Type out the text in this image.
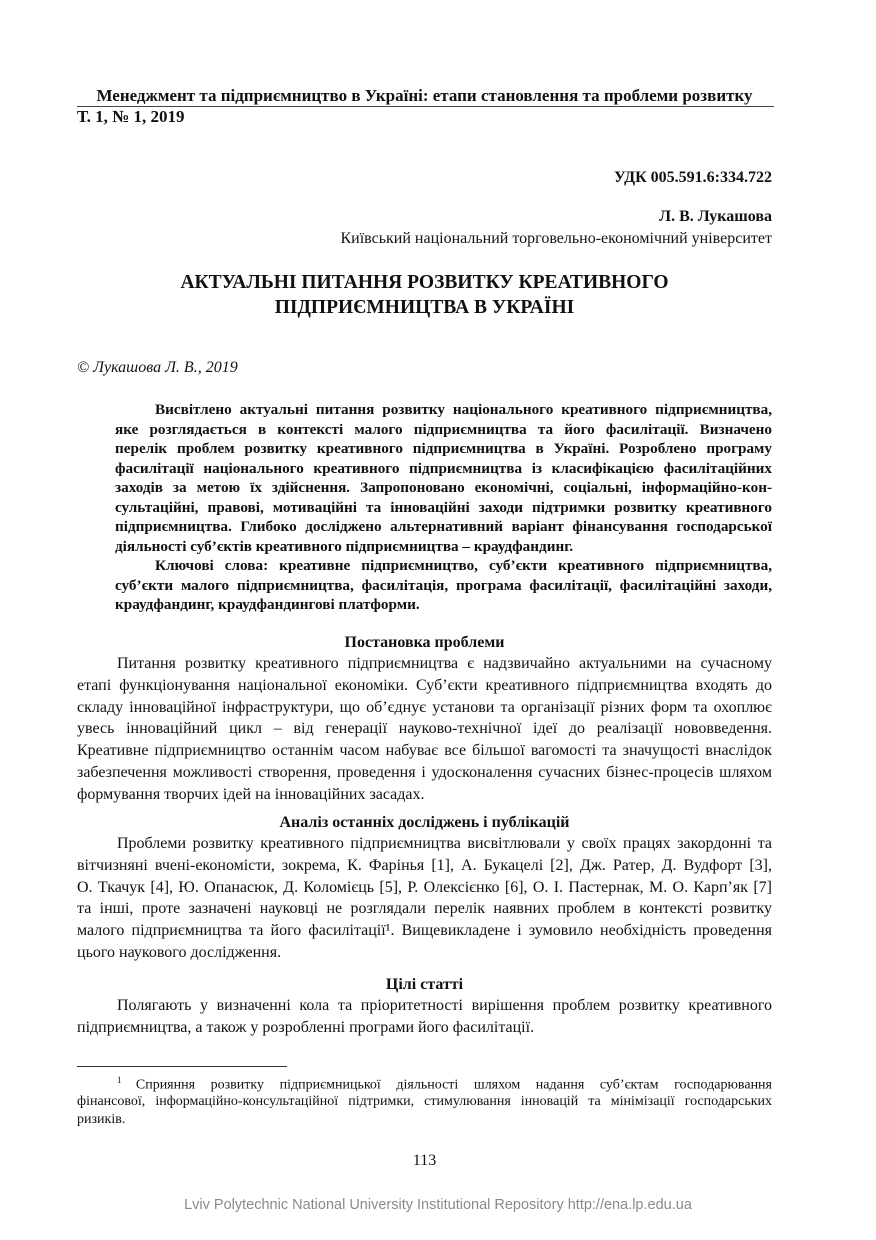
Менеджмент та підприємництво в Україні: етапи становлення та проблеми розвитку
Т. 1, № 1, 2019
УДК 005.591.6:334.722
Л. В. Лукашова
Київський національний торговельно-економічний університет
АКТУАЛЬНІ ПИТАННЯ РОЗВИТКУ КРЕАТИВНОГО
ПІДПРИЄМНИЦТВА В УКРАЇНІ
© Лукашова Л. В., 2019
Висвітлено актуальні питання розвитку національного креативного підприємництва,
яке розглядається в контексті малого підприємництва та його фасилітації. Визначено
перелік проблем розвитку креативного підприємництва в Україні. Розроблено програму
фасилітації національного креативного підприємництва із класифікацією фасилітаційних
заходів за метою їх здійснення. Запропоновано економічні, соціальні, інформаційно-кон-
сультаційні, правові, мотиваційні та інноваційні заходи підтримки розвитку креативного
підприємництва. Глибоко досліджено альтернативний варіант фінансування господарської
діяльності суб’єктів креативного підприємництва – краудфандинг.
Ключові слова: креативне підприємництво, суб’єкти креативного підприємництва,
суб’єкти малого підприємництва, фасилітація, програма фасилітації, фасилітаційні заходи,
краудфандинг, краудфандингові платформи.
Постановка проблеми
Питання розвитку креативного підприємництва є надзвичайно актуальними на сучасному
етапі функціонування національної економіки. Суб’єкти креативного підприємництва входять до
складу інноваційної інфраструктури, що об’єднує установи та організації різних форм та охоплює
увесь інноваційний цикл – від генерації науково-технічної ідеї до реалізації нововведення.
Креативне підприємництво останнім часом набуває все більшої вагомості та значущості внаслідок
забезпечення можливості створення, проведення і удосконалення сучасних бізнес-процесів шляхом
формування творчих ідей на інноваційних засадах.
Аналіз останніх досліджень і публікацій
Проблеми розвитку креативного підприємництва висвітлювали у своїх працях закордонні та
вітчизняні вчені-економісти, зокрема, К. Фарінья [1], А. Букацелі [2], Дж. Ратер, Д. Вудфорт [3],
О. Ткачук [4], Ю. Опанасюк, Д. Коломієць [5], Р. Олексієнко [6], О. І. Пастернак, М. О. Карп’як [7]
та інші, проте зазначені науковці не розглядали перелік наявних проблем в контексті розвитку
малого підприємництва та його фасилітації¹. Вищевикладене і зумовило необхідність проведення
цього наукового дослідження.
Цілі статті
Полягають у визначенні кола та пріоритетності вирішення проблем розвитку креативного
підприємництва, а також у розробленні програми його фасилітації.
$^1$ Сприяння розвитку підприємницької діяльності шляхом надання суб’єктам господарювання
фінансової, інформаційно-консультаційної підтримки, стимулювання інновацій та мінімізації господарських
ризиків.
113
Lviv Polytechnic National University Institutional Repository http://ena.lp.edu.ua
